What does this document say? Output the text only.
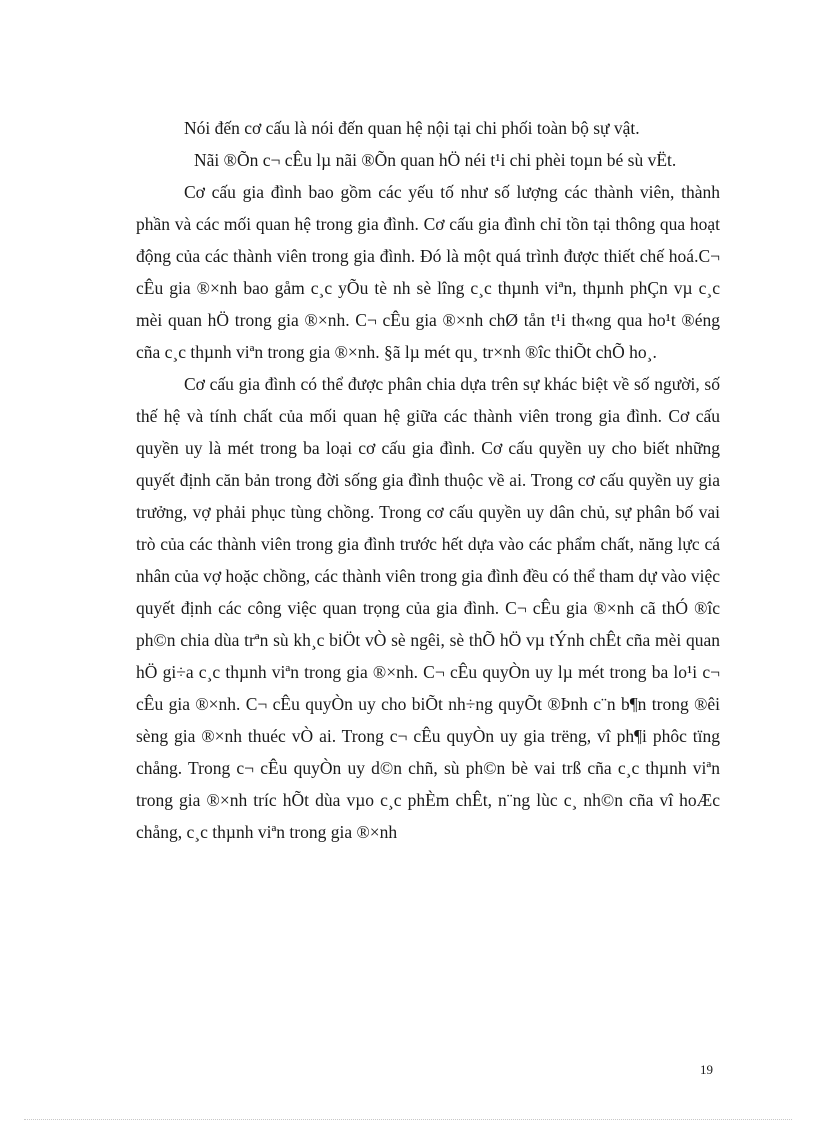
Nói đến cơ cấu là nói đến quan hệ nội tại chi phối toàn bộ sự vật.

Nãi ®Õn c¬ cÊu lµ nãi ®Õn quan hÖ néi t¹i chi phèi toµn bé sù vËt.

Cơ cấu gia đình bao gồm các yếu tố như số lượng các thành viên, thành phần và các mối quan hệ trong gia đình. Cơ cấu gia đình chỉ tồn tại thông qua hoạt động của các thành viên trong gia đình. Đó là một quá trình được thiết chế hoá.C¬ cÊu gia ®×nh bao gåm c¸c yÕu tè nh sè lîng c¸c thµnh viªn, thµnh phÇn vµ c¸c mèi quan hÖ trong gia ®×nh. C¬ cÊu gia ®×nh chØ tån t¹i th«ng qua ho¹t ®éng cña c¸c thµnh viªn trong gia ®×nh. §ã lµ mét qu¸ tr×nh ®îc thiÕt chÕ ho¸.

Cơ cấu gia đình có thể được phân chia dựa trên sự khác biệt về số người, số thế hệ và tính chất của mối quan hệ giữa các thành viên trong gia đình. Cơ cấu quyền uy là mét trong ba loại cơ cấu gia đình. Cơ cấu quyền uy cho biết những quyết định căn bản trong đời sống gia đình thuộc về ai. Trong cơ cấu quyền uy gia trưởng, vợ phải phục tùng chồng. Trong cơ cấu quyền uy dân chủ, sự phân bố vai trò của các thành viên trong gia đình trước hết dựa vào các phẩm chất, năng lực cá nhân của vợ hoặc chồng, các thành viên trong gia đình đều có thể tham dự vào việc quyết định các công việc quan trọng của gia đình. C¬ cÊu gia ®×nh cã thÓ ®îc ph©n chia dùa trªn sù kh¸c biÖt vÒ sè ngêi, sè thÕ hÖ vµ tÝnh chÊt cña mèi quan hÖ gi÷a c¸c thµnh viªn trong gia ®×nh. C¬ cÊu quyÒn uy lµ mét trong ba lo¹i c¬ cÊu gia ®×nh. C¬ cÊu quyÒn uy cho biÕt nh÷ng quyÕt ®Þnh c¨n b¶n trong ®êi sèng gia ®×nh thuéc vÒ ai. Trong c¬ cÊu quyÒn uy gia trëng, vî ph¶i phôc tïng chång. Trong c¬ cÊu quyÒn uy d©n chñ, sù ph©n bè vai trß cña c¸c thµnh viªn trong gia ®×nh tríc hÕt dùa vµo c¸c phÈm chÊt, n¨ng lùc c¸ nh©n cña vî hoÆc chång, c¸c thµnh viªn trong gia ®×nh

19
